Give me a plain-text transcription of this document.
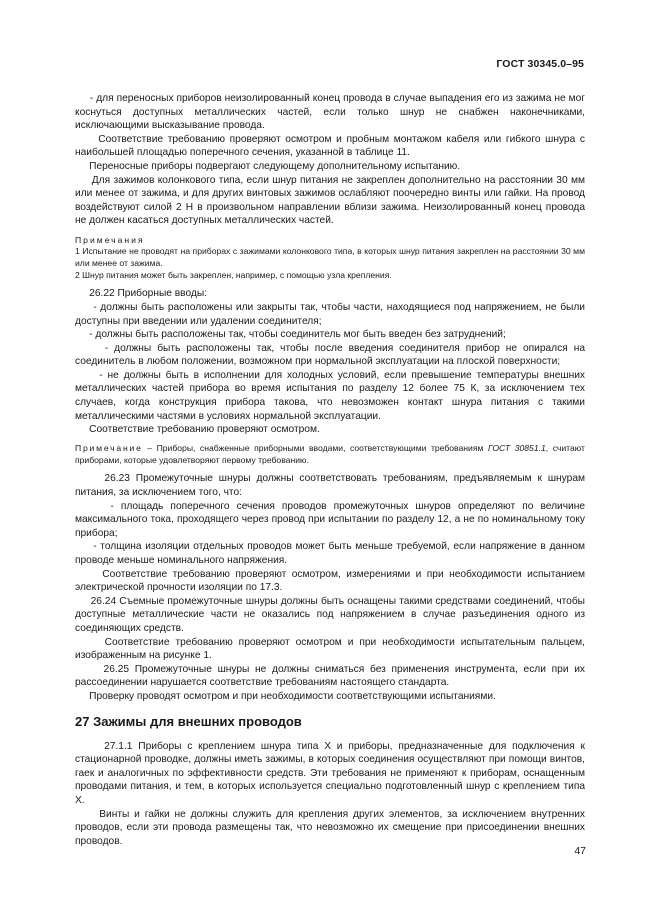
ГОСТ 30345.0–95

- для переносных приборов неизолированный конец провода в случае выпадения его из зажима не мог коснуться доступных металлических частей, если только шнур не снабжен наконечниками, исключающими высказывание провода.

Соответствие требованию проверяют осмотром и пробным монтажом кабеля или гибкого шнура с наибольшей площадью поперечного сечения, указанной в таблице 11.

Переносные приборы подвергают следующему дополнительному испытанию.

Для зажимов колонкового типа, если шнур питания не закреплен дополнительно на расстоянии 30 мм или менее от зажима, и для других винтовых зажимов ослабляют поочередно винты или гайки. На провод воздействуют силой 2 Н в произвольном направлении вблизи зажима. Неизолированный конец провода не должен касаться доступных металлических частей.

Примечания

1 Испытание не проводят на приборах с зажимами колонкового типа, в которых шнур питания закреплен на расстоянии 30 мм или менее от зажима.

2 Шнур питания может быть закреплен, например, с помощью узла крепления.

26.22 Приборные вводы:

- должны быть расположены или закрыты так, чтобы части, находящиеся под напряжением, не были доступны при введении или удалении соединителя;

- должны быть расположены так, чтобы соединитель мог быть введен без затруднений;

- должны быть расположены так, чтобы после введения соединителя прибор не опирался на соединитель в любом положении, возможном при нормальной эксплуатации на плоской поверхности;

- не должны быть в исполнении для холодных условий, если превышение температуры внешних металлических частей прибора во время испытания по разделу 12 более 75 К, за исключением тех случаев, когда конструкция прибора такова, что невозможен контакт шнура питания с такими металлическими частями в условиях нормальной эксплуатации.

Соответствие требованию проверяют осмотром.

Примечание – Приборы, снабженные приборными вводами, соответствующими требованиям ГОСТ 30851.1, считают приборами, которые удовлетворяют первому требованию.

26.23 Промежуточные шнуры должны соответствовать требованиям, предъявляемым к шнурам питания, за исключением того, что:

- площадь поперечного сечения проводов промежуточных шнуров определяют по величине максимального тока, проходящего через провод при испытании по разделу 12, а не по номинальному току прибора;

- толщина изоляции отдельных проводов может быть меньше требуемой, если напряжение в данном проводе меньше номинального напряжения.

Соответствие требованию проверяют осмотром, измерениями и при необходимости испытанием электрической прочности изоляции по 17.3.

26.24 Съемные промежуточные шнуры должны быть оснащены такими средствами соединений, чтобы доступные металлические части не оказались под напряжением в случае разъединения одного из соединяющих средств.

Соответствие требованию проверяют осмотром и при необходимости испытательным пальцем, изображенным на рисунке 1.

26.25 Промежуточные шнуры не должны сниматься без применения инструмента, если при их рассоединении нарушается соответствие требованиям настоящего стандарта.

Проверку проводят осмотром и при необходимости соответствующими испытаниями.

27 Зажимы для внешних проводов

27.1.1 Приборы с креплением шнура типа X и приборы, предназначенные для подключения к стационарной проводке, должны иметь зажимы, в которых соединения осуществляют при помощи винтов, гаек и аналогичных по эффективности средств. Эти требования не применяют к приборам, оснащенным проводами питания, и тем, в которых используется специально подготовленный шнур с креплением типа X.

Винты и гайки не должны служить для крепления других элементов, за исключением внутренних проводов, если эти провода размещены так, что невозможно их смещение при присоединении внешних проводов.

47
